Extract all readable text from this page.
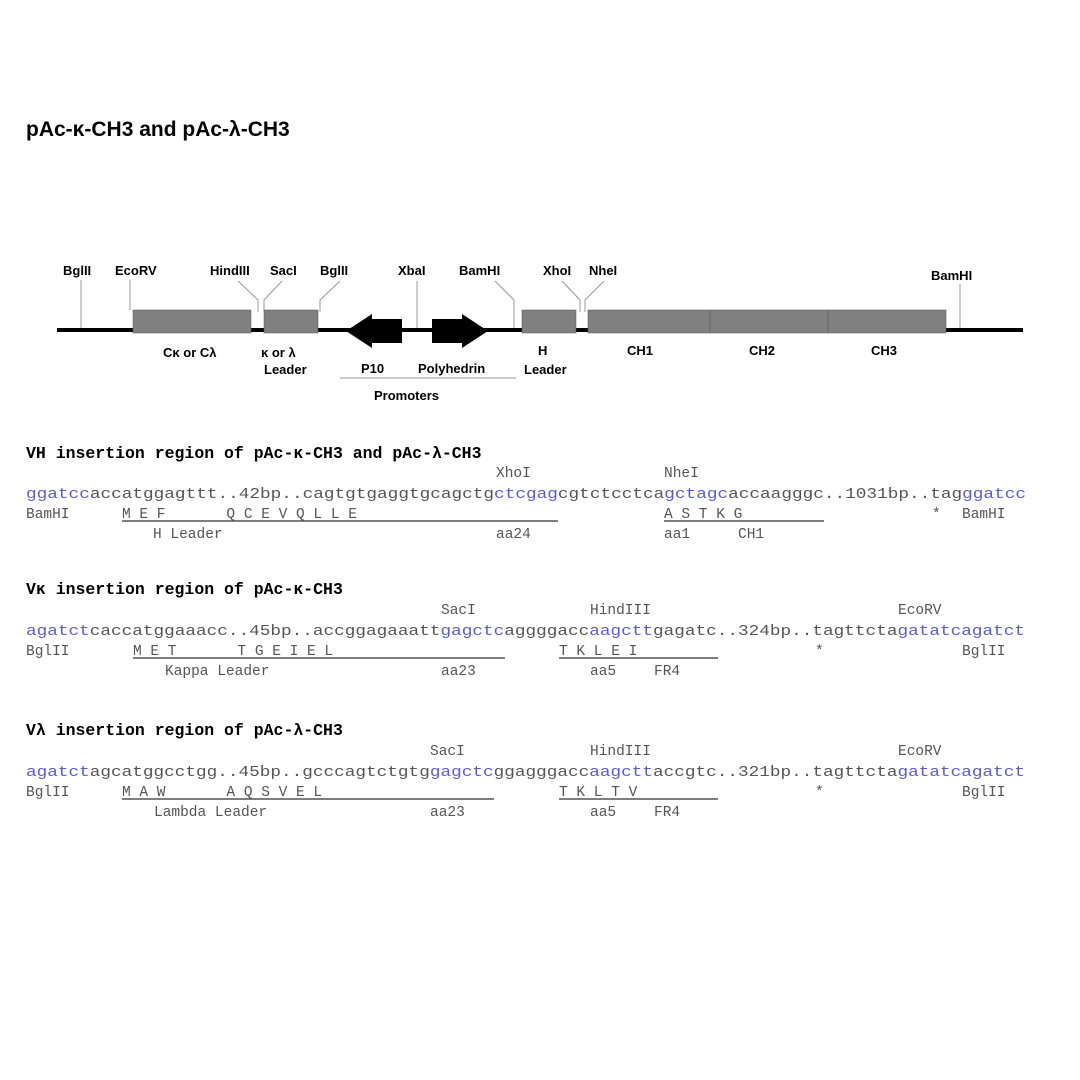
pAc-κ-CH3 and pAc-λ-CH3
BglII EcoRV	HindIII SacI BglII	XbaI	BamHI	XhoI NheI	BamHI
Cκ or Cλ	κ or λ
Leader	P10	Polyhedrin
Promoters
H
Leader
CH1	CH2	CH3
VH insertion region of pAc-κ-CH3 and pAc-λ-CH3
XhoI	NheI
ggatcc accatggagttt..42bp..cagtgtgaggtgcagctg	ctcgag cgtctcctca gctagc accaagggc..1031bp..tag	ggatcc
BamHI	M E F       Q C E V Q L L E	A S T K G	* BamHI
H Leader	aa24	aa1	CH1
Vκ insertion region of pAc-κ-CH3
SacI	HindIII	EcoRV
agatct caccatggaaacc..45bp..accggagaaatt	gagctc aggggacc aagctt gagatc..324bp..tagttcta	gatatc agatct
BglII	M E T       T G E I E L	T K L E I	*	BglII
Kappa Leader	aa23	aa5	FR4
Vλ insertion region of pAc-λ-CH3
SacI	HindIII	EcoRV
agatct agcatggcctgg..45bp..gcccagtctgtg	gagctc ggagggacc aagctt accgtc..321bp..tagttcta	gatatc agatct
BglII	M A W       A Q S V E L	T K L T V	*	BglII
Lambda Leader	aa23	aa5	FR4
